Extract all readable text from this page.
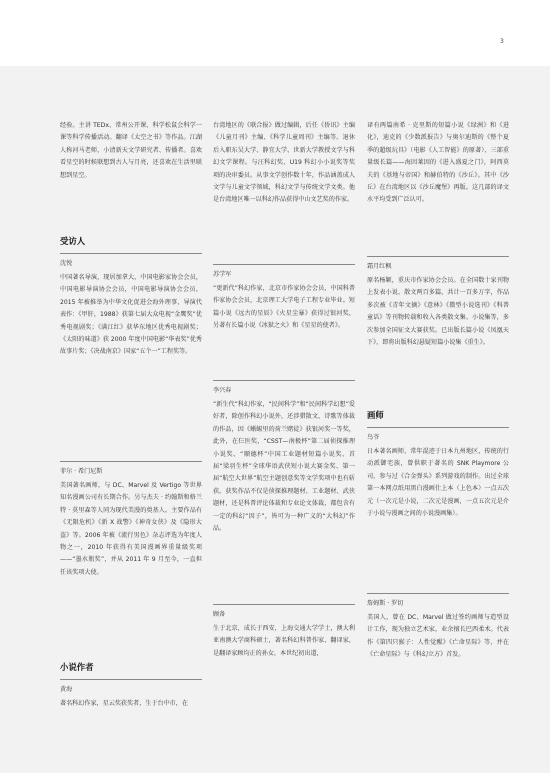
3

经验。主讲 TEDx、常州公开课、科学松鼠会科学一课等科学传播活动。翻译《太空之书》等作品。江湖人称河马老师，小清新天文学研究者、传播者。喜欢看星空的时候联想到古人与月亮，还喜欢在生活里联想到星空。

受访人

沈悦

中国著名导演，现居加拿大，中国电影家协会会员，中国电影导演协会会员，中国电影导演协会会员，2015 年被推举为中华文化促进会海外理事，导演代表作：《甲肝，1988》获第七届大众电视“金鹰奖”优秀电视剧奖；《满江红》获华东地区优秀电视剧奖；《太阳的味道》获 2000 年度中国电影“华表奖”优秀故事片奖；《决战南京》国家“五个一”工程奖等。

菲尔 · 希门尼斯

美国著名画师，与 DC、Marvel 及 Vertigo 等世界知名漫画公司有长期合作。另与杰夫 · 约翰斯和格兰特 · 莫里森等人同为现代美漫的奠基人。主要作品有《无限危机》《新 X 战警》《神奇女侠》及《隐形大盗》等。2006 年被《流行男色》杂志评选为年度人物之一，2010 年获得有美国漫画界重量级奖项——“墨水瓶奖”，并从 2011 年 9 月至今，一直担任该奖项大使。

小说作者

黄海

著名科幻作家，星云奖获奖者，生于台中市，在

台湾地区的《联合报》做过编辑，后任《侨讯》主编《儿童月刊》主编、《科学儿童周刊》主编等。退休后入职东吴大学、静宜大学、世新大学教授文学与科幻文学课程。与汪科幻奖、U19 科幻小小说奖等奖项的决审委员。从事文学创作数十年，作品涵盖成人文学与儿童文学领域，科幻文学与传统文学文类。他是台湾地区唯一以科幻作品获得中山文艺奖的作家。

苏学军

“更新代”科幻作家，北京市作家协会会员，中国科普作家协会会员，北京理工大学电子工程专业毕业。短篇小说《远古的星辰》《火星尘暴》获得过银河奖，另著有长篇小说《冰狱之火》和《星星的使者》。

李兴春

“新生代”科幻作家，“民间科学”和“民间科学幻想”爱好者，除创作科幻小说外，还涉猎散文、诗歌等体裁的作品，因《蜥蜴里的荷兰赌徒》获银河奖一等奖，此外，在仨医奖，“CSST—南极杯”第二届侦探推理小说奖、“顺德杯”中国工业题材短篇小说奖、首届“梁羽生杯”全球华语武侠短小说大赛金奖、第一届“航空大世界”航空主题创意奖等文学奖项中也有斩获。获奖作品不仅是侦探推理题材、工业题材、武侠题材，还是科普评论体裁和专业论文体裁，都包含有一定的科幻“因子”，皆可为一种广义的“大科幻”作品。

顾备

生于北京，成长于西安，上海交通大学学士，澳大利亚南澳大学商科硕士，著名科幻科普作家、翻译家，是翻译家顾均正的孙女，本世纪初出道，

译有两篇南希 · 克里斯的短篇小说《绿洲》和《进化》，迪克的《少数派报告》与奥尔迪斯的《整个夏季的超级玩具》（电影《人工智能》的原著）、三部重量级长篇——海因莱因的《进入盛夏之门》，阿西莫夫的《基地与帝国》和赫伯特的《沙丘》。其中《沙丘》在台湾地区以《沙丘魔堡》再版。这几部的译文水平均受到广泛认可。

霜月红枫

原名杨颖，重庆市作家协会会员。在全国数十家刊物上发表小说、散文两百多篇，共计一百多万字，作品多次被《青年文摘》《意林》《微型小说选刊》《科普童话》等刊物转载和收入各类散文集、小说集等，多次参加全国征文大赛获奖。已出版长篇小说《凤凰天下》，即将出版科幻悬疑短篇小说集《重生》。

画师

鸟爷

日本著名画师，常年混迹于日本九州地区，传统的行动派御宅族，曾供职于著名的 SNK Playmore 公司，参与过《合金弹头》系列游戏的制作。出过全球第一本网点纸用黑白漫画仕上本（上色本）一点五次元（一次元是小说，二次元是漫画，一点五次元是介于小说与漫画之间的小说漫画集）。

詹姆斯 · 罗切

美国人，曾在 DC、Marvel 做过签约画师与造型设计工作，现为独立艺术家，业余擅长巴西柔术。代表作《第四只猴子：人性觉醒》《亡命星际》等，并在《亡命星际》与《科幻立方》首发。
